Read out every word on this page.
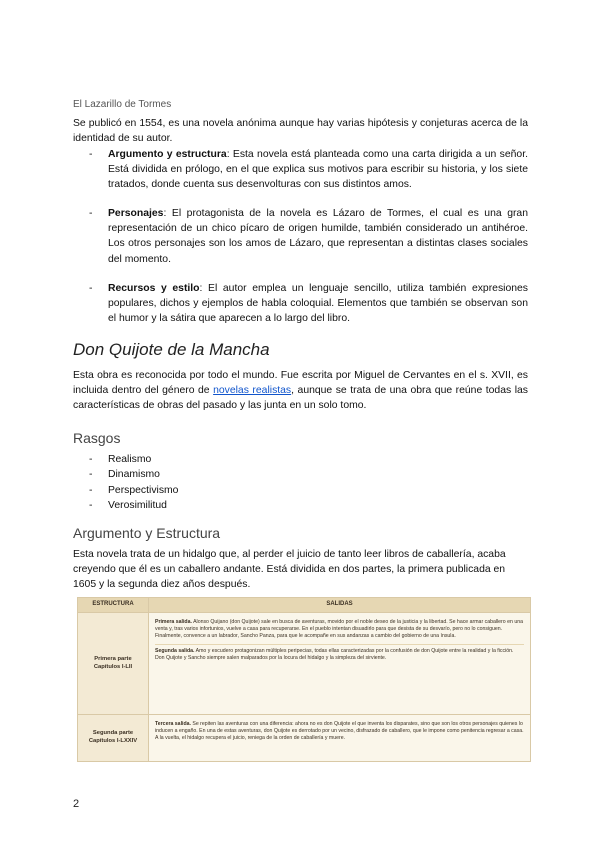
El Lazarillo de Tormes

Se publicó en 1554, es una novela anónima aunque hay varias hipótesis y conjeturas acerca de la identidad de su autor.

- Argumento y estructura: Esta novela está planteada como una carta dirigida a un señor. Está dividida en prólogo, en el que explica sus motivos para escribir su historia, y los siete tratados, donde cuenta sus desenvolturas con sus distintos amos.
- Personajes: El protagonista de la novela es Lázaro de Tormes, el cual es una gran representación de un chico pícaro de origen humilde, también considerado un antihéroe. Los otros personajes son los amos de Lázaro, que representan a distintas clases sociales del momento.
- Recursos y estilo: El autor emplea un lenguaje sencillo, utiliza también expresiones populares, dichos y ejemplos de habla coloquial. Elementos que también se observan son el humor y la sátira que aparecen a lo largo del libro.
Don Quijote de la Mancha

Esta obra es reconocida por todo el mundo. Fue escrita por Miguel de Cervantes en el s. XVII, es incluida dentro del género de novelas realistas, aunque se trata de una obra que reúne todas las características de obras del pasado y las junta en un solo tomo.

Rasgos
- Realismo
- Dinamismo
- Perspectivismo
- Verosimilitud
Argumento y Estructura

Esta novela trata de un hidalgo que, al perder el juicio de tanto leer libros de caballería, acaba creyendo que él es un caballero andante. Está dividida en dos partes, la primera publicada en 1605 y la segunda diez años después.

ESTRUCTURA	SALIDAS
Primera parte
Capítulos I-LII
Primera salida. Alonso Quijano (don Quijote) sale en busca de aventuras, movido por el noble deseo de la justicia y la libertad. Se hace armar caballero en una venta y, tras varios infortunios, vuelve a casa para recuperarse. En el pueblo intentan disuadirlo para que desista de su desvarío, pero no lo consiguen. Finalmente, convence a un labrador, Sancho Panza, para que le acompañe en sus andanzas a cambio del gobierno de una ínsula.
Segunda salida. Amo y escudero protagonizan múltiples peripecias, todas ellas caracterizadas por la confusión de don Quijote entre la realidad y la ficción. Don Quijote y Sancho siempre salen malparados por la locura del hidalgo y la simpleza del sirviente.
Segunda parte
Capítulos I-LXXIV
Tercera salida. Se repiten las aventuras con una diferencia: ahora no es don Quijote el que inventa los disparates, sino que son los otros personajes quienes lo inducen a engaño. En una de estas aventuras, don Quijote es derrotado por un vecino, disfrazado de caballero, que le impone como penitencia regresar a casa. A la vuelta, el hidalgo recupera el juicio, reniega de la orden de caballería y muere.
2
